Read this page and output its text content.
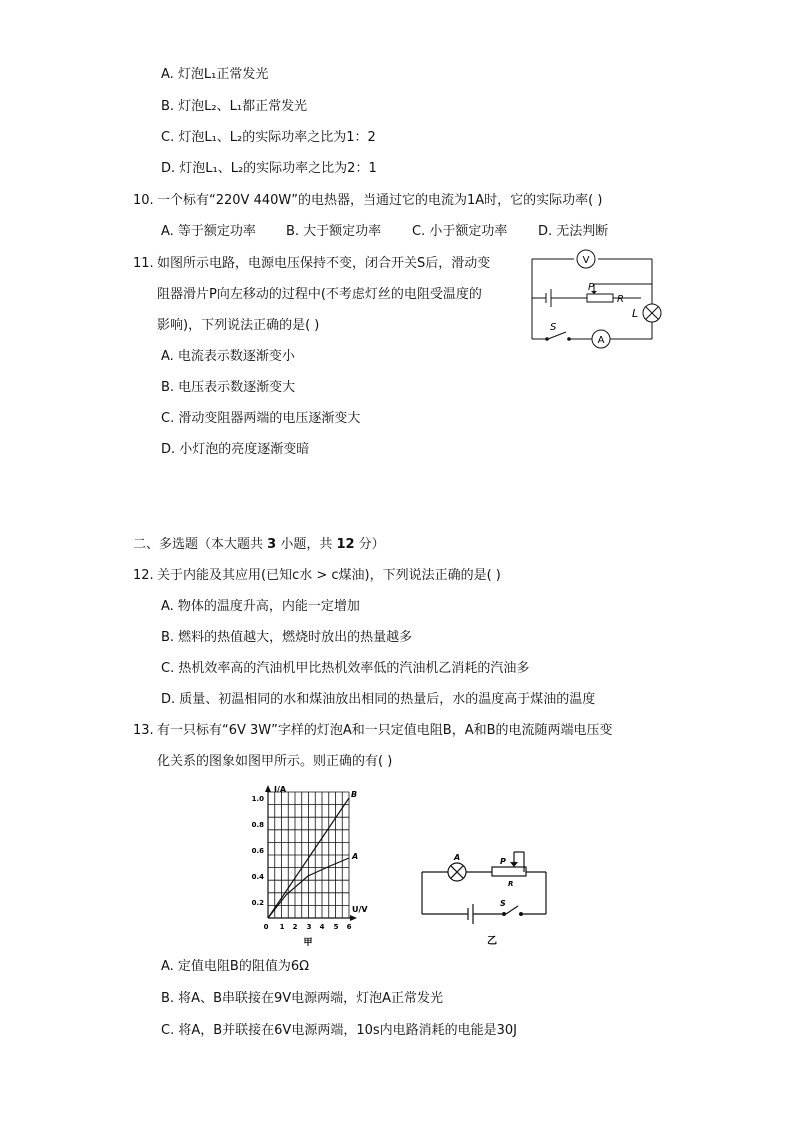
A. 灯泡L₁正常发光
B. 灯泡L₂、L₁都正常发光
C. 灯泡L₁、L₂的实际功率之比为1：2
D. 灯泡L₁、L₂的实际功率之比为2：1
10. 一个标有“220V 440W”的电热器，当通过它的电流为1A时，它的实际功率( )
A. 等于额定功率 B. 大于额定功率 C. 小于额定功率 D. 无法判断
11. 如图所示电路，电源电压保持不变，闭合开关S后，滑动变
阻器滑片P向左移动的过程中(不考虑灯丝的电阻受温度的
影响)，下列说法正确的是( )
V
A
P
R
L
S
A. 电流表示数逐渐变小
B. 电压表示数逐渐变大
C. 滑动变阻器两端的电压逐渐变大
D. 小灯泡的亮度逐渐变暗
二、多选题（本大题共 3 小题，共 12 分）
12. 关于内能及其应用(已知c水 > c煤油)，下列说法正确的是( )
A. 物体的温度升高，内能一定增加
B. 燃料的热值越大，燃烧时放出的热量越多
C. 热机效率高的汽油机甲比热机效率低的汽油机乙消耗的汽油多
D. 质量、初温相同的水和煤油放出相同的热量后，水的温度高于煤油的温度
13. 有一只标有“6V 3W”字样的灯泡A和一只定值电阻B，A和B的电流随两端电压变
化关系的图象如图甲所示。则正确的有( )
I/A
U/V
1.0
0.8
0.6
0.4
0.2
0 1 2 3 4 5 6
B
A
甲
A	P
R
S
乙
A. 定值电阻B的阻值为6Ω
B. 将A、B串联接在9V电源两端，灯泡A正常发光
C. 将A，B并联接在6V电源两端，10s内电路消耗的电能是30J
